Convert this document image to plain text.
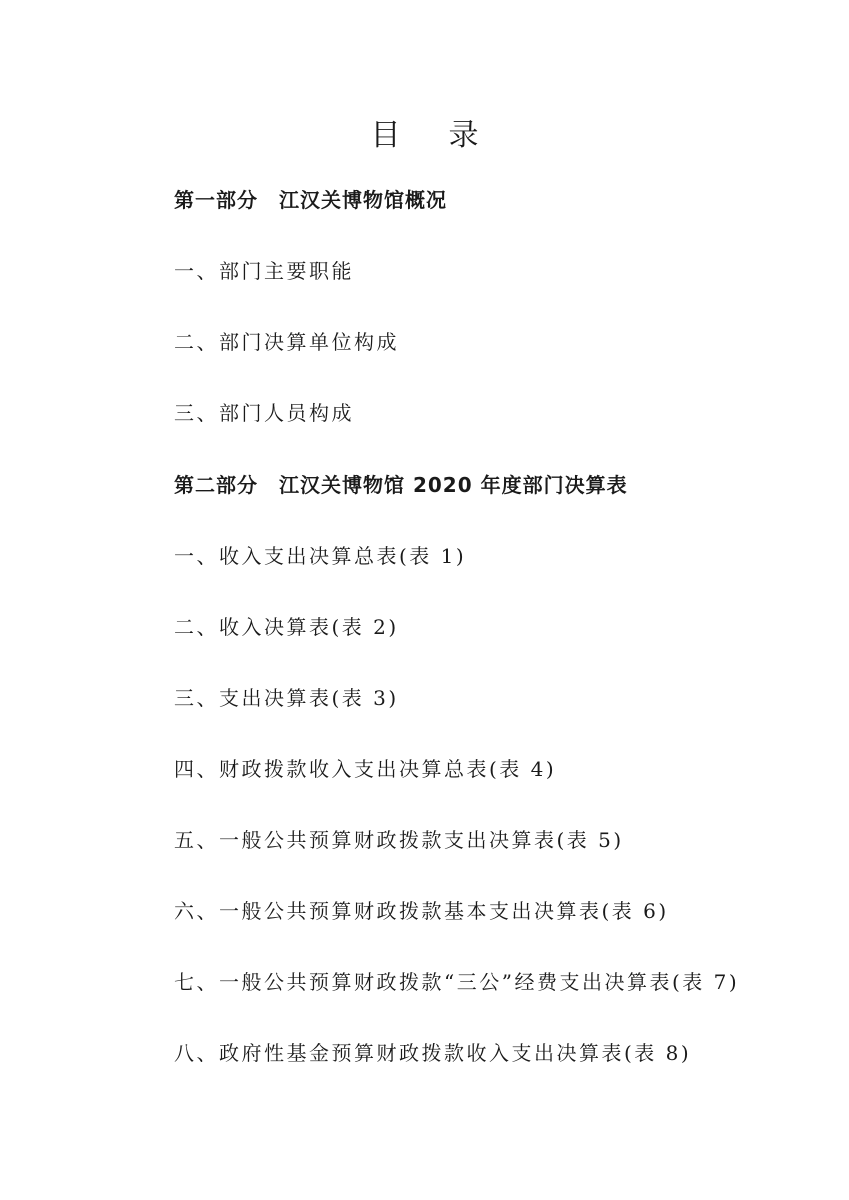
目录
第一部分　江汉关博物馆概况
一、部门主要职能
二、部门决算单位构成
三、部门人员构成
第二部分　江汉关博物馆 2020 年度部门决算表
一、收入支出决算总表(表 1)
二、收入决算表(表 2)
三、支出决算表(表 3)
四、财政拨款收入支出决算总表(表 4)
五、一般公共预算财政拨款支出决算表(表 5)
六、一般公共预算财政拨款基本支出决算表(表 6)
七、一般公共预算财政拨款“三公”经费支出决算表(表 7)
八、政府性基金预算财政拨款收入支出决算表(表 8)
